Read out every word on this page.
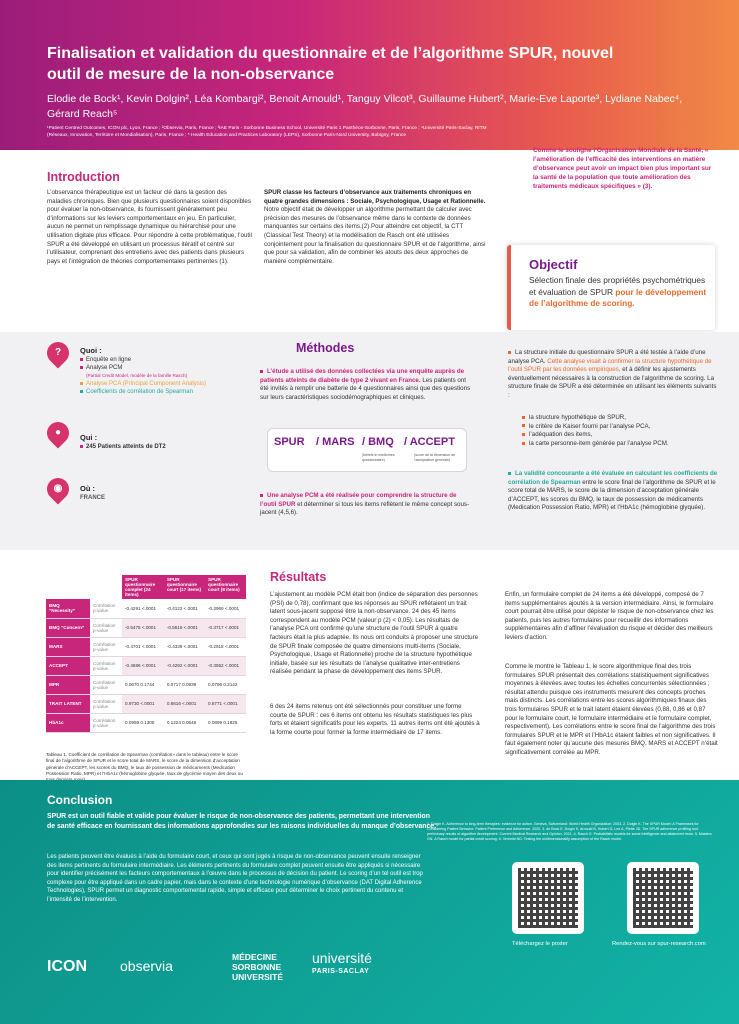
Finalisation et validation du questionnaire et de l’algorithme SPUR, nouvel outil de mesure de la non-observance
Elodie de Bock¹, Kevin Dolgin², Léa Kombargi², Benoit Arnould¹, Tanguy Vilcot³, Guillaume Hubert², Marie-Eve Laporte³, Lydiane Nabec⁴, Gérard Reach⁵
¹Patient Centred Outcomes, ICON plc, Lyon, France ; ²Observia, Paris, France ; ³IAE Paris - Sorbonne Business School, Université Paris 1 Panthéon-Sorbonne, Paris, France ; ⁴Université Paris-Saclay, RITM (Réseaux, Innovation, Territoire et Mondialisation), Paris, France ; ⁵ Health Education and Practices Laboratory (LEPS), Sorbonne Paris-Nord University, Bobigny, France
Introduction
L’observance thérapeutique est un facteur clé dans la gestion des maladies chroniques. Bien que plusieurs questionnaires soient disponibles pour évaluer la non-observance, ils fournissent généralement peu d’informations sur les leviers comportementaux en jeu. En particulier, aucun ne permet un remplissage dynamique ou hiérarchisé pour une utilisation digitale plus efficace. Pour répondre à cette problématique, l’outil SPUR a été développé en utilisant un processus itératif et centré sur l’utilisateur, comprenant des entretiens avec des patients dans plusieurs pays et l’intégration de théories comportementales pertinentes (1).
SPUR classe les facteurs d’observance aux traitements chroniques en quatre grandes dimensions : Sociale, Psychologique, Usage et Rationnelle. Notre objectif était de développer un algorithme permettant de calculer avec précision des mesures de l’observance même dans le contexte de données manquantes sur certains des items.(2) Pour atteindre cet objectif, la CTT (Classical Test Theory) et la modélisation de Rasch ont été utilisées conjointement pour la finalisation du questionnaire SPUR et de l’algorithme, ainsi que pour sa validation, afin de combiner les atouts des deux approches de manière complémentaire.
Comme le souligne l’Organisation Mondiale de la Santé, « l’amélioration de l’efficacité des interventions en matière d’observance peut avoir un impact bien plus important sur la santé de la population que toute amélioration des traitements médicaux spécifiques » (3).
Objectif
Sélection finale des propriétés psychométriques et évaluation de SPUR pour le développement de l’algorithme de scoring.
?	Quoi :
Enquête en ligne
Analyse PCM
(Partial Credit Model, modèle de la famille Rasch)
Analyse PCA (Principal Component Analysis)
Coefficients de corrélation de Spearman
●	Qui :
245 Patients atteints de DT2
◉	Où :
FRANCE
Méthodes
L’étude a utilisé des données collectées via une enquête auprès de patients atteints de diabète de type 2 vivant en France. Les patients ont été invités à remplir une batterie de 4 questionnaires ainsi que des questions sur leurs caractéristiques sociodémographiques et cliniques.
SPUR / MARS / BMQ / ACCEPT
(beliefs in medicines questionnaire)
(score de la dimension de l’acceptation générale)
Une analyse PCM a été réalisée pour comprendre la structure de l’outil SPUR et déterminer si tous les items reflètent le même concept sous-jacent (4,5,6).
La structure initiale du questionnaire SPUR a été testée à l’aide d’une analyse PCA. Cette analyse visait à confirmer la structure hypothétique de l’outil SPUR par les données empiriques, et à définir les ajustements éventuellement nécessaires à la construction de l’algorithme de scoring. La structure finale de SPUR a été déterminée en utilisant les éléments suivants :
la structure hypothétique de SPUR,
le critère de Kaiser fourni par l’analyse PCA,
l’adéquation des items,
la carte personne-item générée par l’analyse PCM.
La validité concourante a été évaluée en calculant les coefficients de corrélation de Spearman entre le score final de l’algorithme de SPUR et le score total de MARS, le score de la dimension d’acceptation générale d’ACCEPT, les scores du BMQ, le taux de possession de médicaments (Medication Possession Ratio, MPR) et l’HbA1c (hémoglobine glyquée).
		SPUR questionnaire complet (24 items)	SPUR questionnaire court (17 items)	SPUR questionnaire court (8 items)
BMQ “Necessity”	Corrélation
p-value	-0.4291 <.0001	-0.4122 <.0001	-0.3969 <.0001
BMQ “Concern”	Corrélation
p-value	-0.5475 <.0001	-0.5516 <.0001	-0.3717 <.0001
MARS	Corrélation
p-value	-0.4701 <.0001	-0.4339 <.0001	-0.2918 <.0001
ACCEPT	Corrélation
p-value	-0.4686 <.0001	-0.4292 <.0001	-0.3552 <.0001
MPR	Corrélation
p-value	0.0670 0.1744	0.0717 0.0939	0.0796 0.2142
TRAIT LATENT	Corrélation
p-value	0.9730 <.0001	0.8616 <.0001	0.8771 <.0001
HbA1c	Corrélation
p-value	0.0959 0.1305	0.1224 0.0648	0.0899 0.1825
Tableau 1. Coefficient de corrélation de Spearman (corrélation» dans le tableau) entre le score final de l’algorithme de SPUR et le score total de MARS, le score de la dimension d’acceptation générale d’ACCEPT, les scores du BMQ, le taux de possession de médicaments (Medication Possession Ratio, MPR) et l’HbA1c (hémoglobine glyquée, taux de glycémie moyen des deux ou
Résultats
L’ajustement au modèle PCM était bon (indice de séparation des personnes (PSI) de 0,78), confirmant que les réponses au SPUR reflétaient un trait latent sous-jacent supposé être la non-observance. 24 des 45 items correspondent au modèle PCM (valeur p (2) < 0,05). Les résultats de l’analyse PCA ont confirmé qu’une structure de l’outil SPUR à quatre facteurs était la plus adaptée. Ils nous ont conduits à proposer une structure de SPUR finale composée de quatre dimensions multi-items (Sociale, Psychologique, Usage et Rationnelle) proche de la structure hypothétique initiale, basée sur les résultats de l’analyse qualitative inter-entretiens réalisée pendant la phase de développement des items SPUR.
6 des 24 items retenus ont été sélectionnés pour constituer une forme courte de SPUR : ces 6 items ont obtenu les résultats statistiques les plus forts et étaient significatifs pour les experts. 11 autres items ont été ajoutés à la forme courte pour former la forme intermédiaire de 17 items.
Enfin, un formulaire complet de 24 items a été développé, composé de 7 items supplémentaires ajoutés à la version intermédiaire. Ainsi, le formulaire court pourrait être utilisé pour dépister le risque de non-observance chez les patients, puis les autres formulaires pour recueillir des informations supplémentaires afin d’affiner l’évaluation du risque et décider des meilleurs leviers d’action.
Comme le montre le Tableau 1, le score algorithmique final des trois formulaires SPUR présentait des corrélations statistiquement significatives moyennes à élevées avec toutes les échelles concurrentes sélectionnées ; résultat attendu puisque ces instruments mesurent des concepts proches mais distincts. Les corrélations entre les scores algorithmiques finaux des trois formulaires SPUR et le trait latent étaient élevées (0,88, 0,86 et 0,87 pour le formulaire court, le formulaire intermédiaire et le formulaire complet, respectivement). Les corrélations entre le score final de l’algorithme des trois formulaires SPUR et le MPR et l’HbA1c étaient faibles et non significatives. Il faut également noter qu’aucune des mesures BMQ, MARS et ACCEPT n’était significativement corrélée au MPR.
Conclusion
SPUR est un outil fiable et valide pour évaluer le risque de non-observance des patients, permettant une intervention de santé efficace en fournissant des informations approfondies sur les raisons individuelles du manque d’observance.
Les patients peuvent être évalués à l’aide du formulaire court, et ceux qui sont jugés à risque de non-observance peuvent ensuite renseigner des items pertinents du formulaire intermédiaire. Les éléments pertinents du formulaire complet peuvent ensuite être appliqués si nécessaire pour identifier précisément les facteurs comportementaux à l’œuvre dans le processus de décision du patient. Le scoring d’un tel outil est trop complexe pour être appliqué dans un cadre papier, mais dans le contexte d’une technologie numérique d’observance (DAT Digital Adherence Technologies), SPUR permet un diagnostic comportemental rapide, simple et efficace pour déterminer le choix pertinent du contenu et l’intensité de l’intervention.
1. Dolgin K. Adherence to long-term therapies: evidence for action. Geneva, Switzerland: World Health Organization; 2003. 2. Dolgin K. The SPUR Model: A Framework for Considering Patient Behavior. Patient Preference and Adherence. 2020. 3. de Bock E, Dolgin K, Arnould B, Hubert G, Lee A, Piette JD. The SPUR adherence profiling tool: preliminary results of algorithm development. Current Medical Research and Opinion. 2021. 4. Rasch G. Probabilistic models for some intelligence and attainment tests. 5. Masters GN. A Rasch model for partial credit scoring. 6. Verhelst ND. Testing the unidimensionality assumption of the Rasch model.
Téléchargez le poster	Rendez-vous sur spur-research.com
ICON observia
MÉDECINE SORBONNE UNIVERSITÉ
université
PARIS-SACLAY
